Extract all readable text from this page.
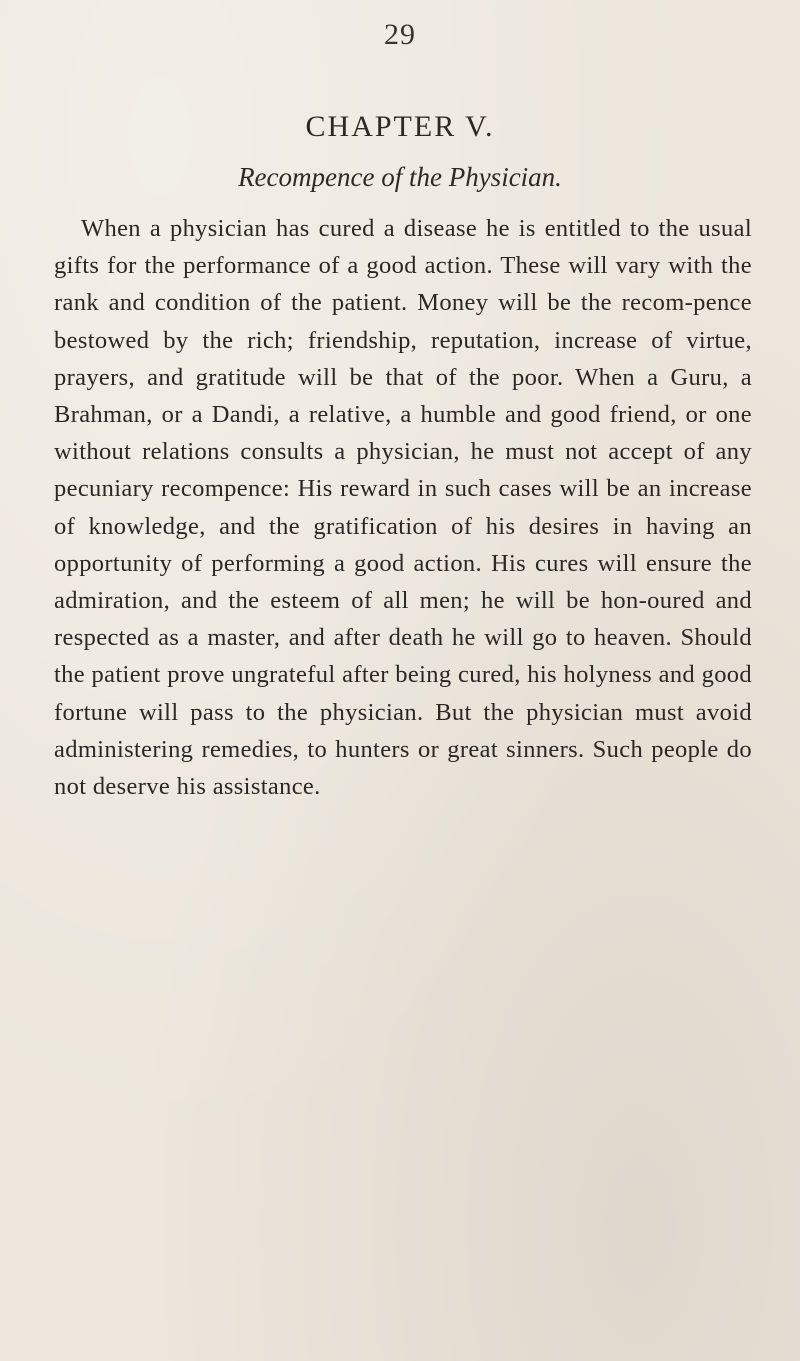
29
CHAPTER V.
Recompence of the Physician.

When a physician has cured a disease he is entitled to the usual gifts for the performance of a good action. These will vary with the rank and condition of the patient. Money will be the recom-pence bestowed by the rich; friendship, reputation, increase of virtue, prayers, and gratitude will be that of the poor. When a Guru, a Brahman, or a Dandi, a relative, a humble and good friend, or one without relations consults a physician, he must not accept of any pecuniary recompence: His reward in such cases will be an increase of knowledge, and the gratification of his desires in having an opportunity of performing a good action. His cures will ensure the admiration, and the esteem of all men; he will be hon-oured and respected as a master, and after death he will go to heaven. Should the patient prove ungrateful after being cured, his holyness and good fortune will pass to the physician. But the physician must avoid administering remedies, to hunters or great sinners. Such people do not deserve his assistance.
